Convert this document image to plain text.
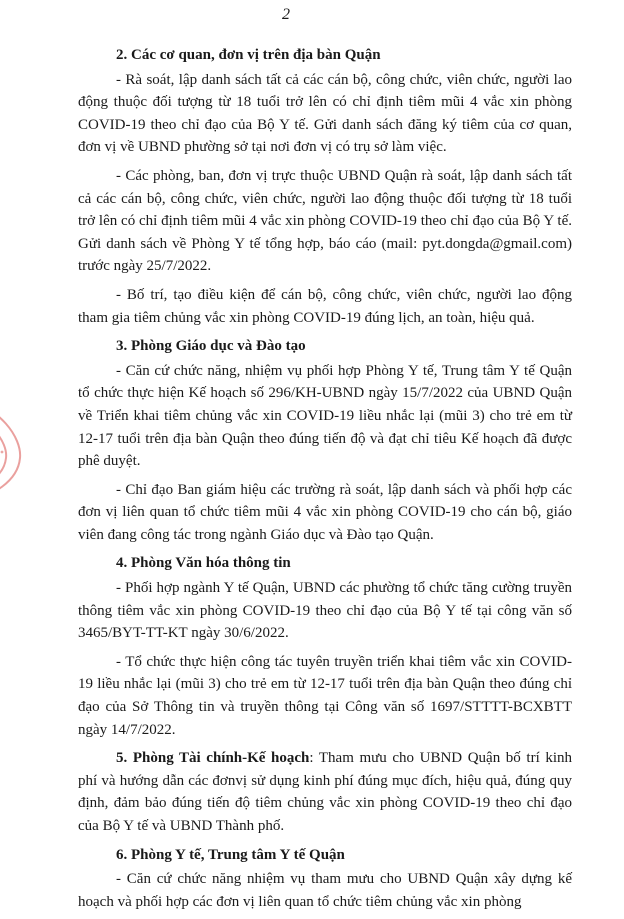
2
2. Các cơ quan, đơn vị trên địa bàn Quận

- Rà soát, lập danh sách tất cả các cán bộ, công chức, viên chức, người lao động thuộc đối tượng từ 18 tuổi trở lên có chỉ định tiêm mũi 4 vắc xin phòng COVID-19 theo chỉ đạo của Bộ Y tế. Gửi danh sách đăng ký tiêm của cơ quan, đơn vị về UBND phường sở tại nơi đơn vị có trụ sở làm việc.

- Các phòng, ban, đơn vị trực thuộc UBND Quận rà soát, lập danh sách tất cả các cán bộ, công chức, viên chức, người lao động thuộc đối tượng từ 18 tuổi trở lên có chỉ định tiêm mũi 4 vắc xin phòng COVID-19 theo chỉ đạo của Bộ Y tế. Gửi danh sách về Phòng Y tế tổng hợp, báo cáo (mail: pyt.dongda@gmail.com) trước ngày 25/7/2022.

- Bố trí, tạo điều kiện để cán bộ, công chức, viên chức, người lao động tham gia tiêm chủng vắc xin phòng COVID-19 đúng lịch, an toàn, hiệu quả.

3. Phòng Giáo dục và Đào tạo

- Căn cứ chức năng, nhiệm vụ phối hợp Phòng Y tế, Trung tâm Y tế Quận tổ chức thực hiện Kế hoạch số 296/KH-UBND ngày 15/7/2022 của UBND Quận về Triển khai tiêm chủng vắc xin COVID-19 liều nhắc lại (mũi 3) cho trẻ em từ 12-17 tuổi trên địa bàn Quận theo đúng tiến độ và đạt chỉ tiêu Kế hoạch đã được phê duyệt.

- Chỉ đạo Ban giám hiệu các trường rà soát, lập danh sách và phối hợp các đơn vị liên quan tổ chức tiêm mũi 4 vắc xin phòng COVID-19 cho cán bộ, giáo viên đang công tác trong ngành Giáo dục và Đào tạo Quận.

4. Phòng Văn hóa thông tin

- Phối hợp ngành Y tế Quận, UBND các phường tổ chức tăng cường truyền thông tiêm vắc xin phòng COVID-19 theo chỉ đạo của Bộ Y tế tại công văn số 3465/BYT-TT-KT ngày 30/6/2022.

- Tổ chức thực hiện công tác tuyên truyền triển khai tiêm vắc xin COVID-19 liều nhắc lại (mũi 3) cho trẻ em từ 12-17 tuổi trên địa bàn Quận theo đúng chỉ đạo của Sở Thông tin và truyền thông tại Công văn số 1697/STTTT-BCXBTT ngày 14/7/2022.

5. Phòng Tài chính-Kế hoạch: Tham mưu cho UBND Quận bố trí kinh phí và hướng dẫn các đơnvị sử dụng kinh phí đúng mục đích, hiệu quả, đúng quy định, đảm bảo đúng tiến độ tiêm chủng vắc xin phòng COVID-19 theo chỉ đạo của Bộ Y tế và UBND Thành phố.

6. Phòng Y tế, Trung tâm Y tế Quận

- Căn cứ chức năng nhiệm vụ tham mưu cho UBND Quận xây dựng kế hoạch và phối hợp các đơn vị liên quan tổ chức tiêm chủng vắc xin phòng
